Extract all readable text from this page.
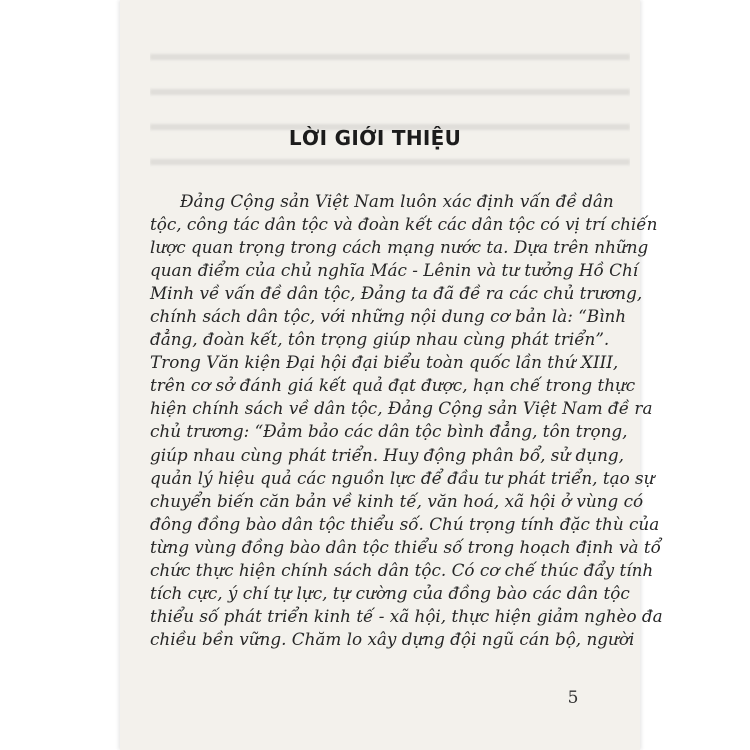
LỜI GIỚI THIỆU
Đảng Cộng sản Việt Nam luôn xác định vấn đề dân
tộc, công tác dân tộc và đoàn kết các dân tộc có vị trí chiến
lược quan trọng trong cách mạng nước ta. Dựa trên những
quan điểm của chủ nghĩa Mác - Lênin và tư tưởng Hồ Chí
Minh về vấn đề dân tộc, Đảng ta đã đề ra các chủ trương,
chính sách dân tộc, với những nội dung cơ bản là: “Bình
đẳng, đoàn kết, tôn trọng giúp nhau cùng phát triển”.
Trong Văn kiện Đại hội đại biểu toàn quốc lần thứ XIII,
trên cơ sở đánh giá kết quả đạt được, hạn chế trong thực
hiện chính sách về dân tộc, Đảng Cộng sản Việt Nam đề ra
chủ trương: “Đảm bảo các dân tộc bình đẳng, tôn trọng,
giúp nhau cùng phát triển. Huy động phân bổ, sử dụng,
quản lý hiệu quả các nguồn lực để đầu tư phát triển, tạo sự
chuyển biến căn bản về kinh tế, văn hoá, xã hội ở vùng có
đông đồng bào dân tộc thiểu số. Chú trọng tính đặc thù của
từng vùng đồng bào dân tộc thiểu số trong hoạch định và tổ
chức thực hiện chính sách dân tộc. Có cơ chế thúc đẩy tính
tích cực, ý chí tự lực, tự cường của đồng bào các dân tộc
thiểu số phát triển kinh tế - xã hội, thực hiện giảm nghèo đa
chiều bền vững. Chăm lo xây dựng đội ngũ cán bộ, người
5
